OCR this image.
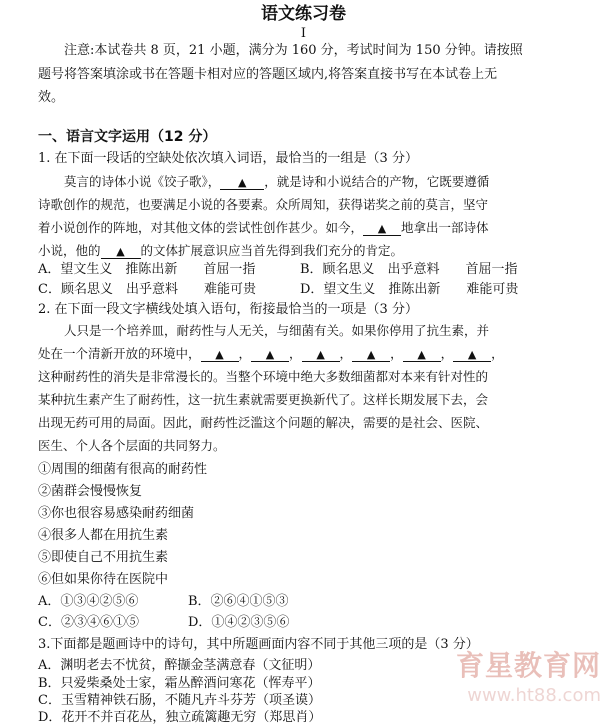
语文练习卷
I
注意:本试卷共 8 页，21 小题，满分为 160 分，考试时间为 150 分钟。请按照
题号将答案填涂或书在答题卡相对应的答题区域内,将答案直接书写在本试卷上无
效。
一、语言文字运用（12 分）
1. 在下面一段话的空缺处依次填入词语，最恰当的一组是（3 分）
莫言的诗体小说《饺子歌》， ▲ ，就是诗和小说结合的产物，它既要遵循
诗歌创作的规范，也要满足小说的各要素。众所周知，获得诺奖之前的莫言，坚守
着小说创作的阵地，对其他文体的尝试性创作甚少。如今， ▲ 地拿出一部诗体
小说，他的 ▲ 的文体扩展意识应当首先得到我们充分的肯定。
A．望文生义　推陈出新　　首屈一指	B．顾名思义　出乎意料　　首屈一指
C．顾名思义　出乎意料　　难能可贵	D．望文生义　推陈出新　　难能可贵
2. 在下面一段文字横线处填入语句，衔接最恰当的一项是（3 分）
人只是一个培养皿，耐药性与人无关，与细菌有关。如果你停用了抗生素，并
处在一个清新开放的环境中， ▲ ， ▲ ， ▲ ， ▲ ， ▲ ， ▲ ，
这种耐药性的消失是非常漫长的。当整个环境中绝大多数细菌都对本来有针对性的
某种抗生素产生了耐药性，这一抗生素就需要更换新代了。这样长期发展下去，会
出现无药可用的局面。因此，耐药性泛滥这个问题的解决，需要的是社会、医院、
医生、个人各个层面的共同努力。
①周围的细菌有很高的耐药性
②菌群会慢慢恢复
③你也很容易感染耐药细菌
④很多人都在用抗生素
⑤即使自己不用抗生素
⑥但如果你待在医院中
A．①③④②⑤⑥	B．②⑥④①⑤③
C．②③④⑥①⑤	D．①④②③⑤⑥
3.下面都是题画诗中的诗句，其中所题画面内容不同于其他三项的是（3 分）
A．渊明老去不忧贫，醉撷金茎满意春（文征明）
B．只爱柴桑处士家，霜丛醉酒问寒花（恽寿平）
C．玉雪精神铁石肠，不随凡卉斗芬芳（项圣谟）
D．花开不并百花丛，独立疏篱趣无穷（郑思肖）
育星教育网
www.ht88.com
